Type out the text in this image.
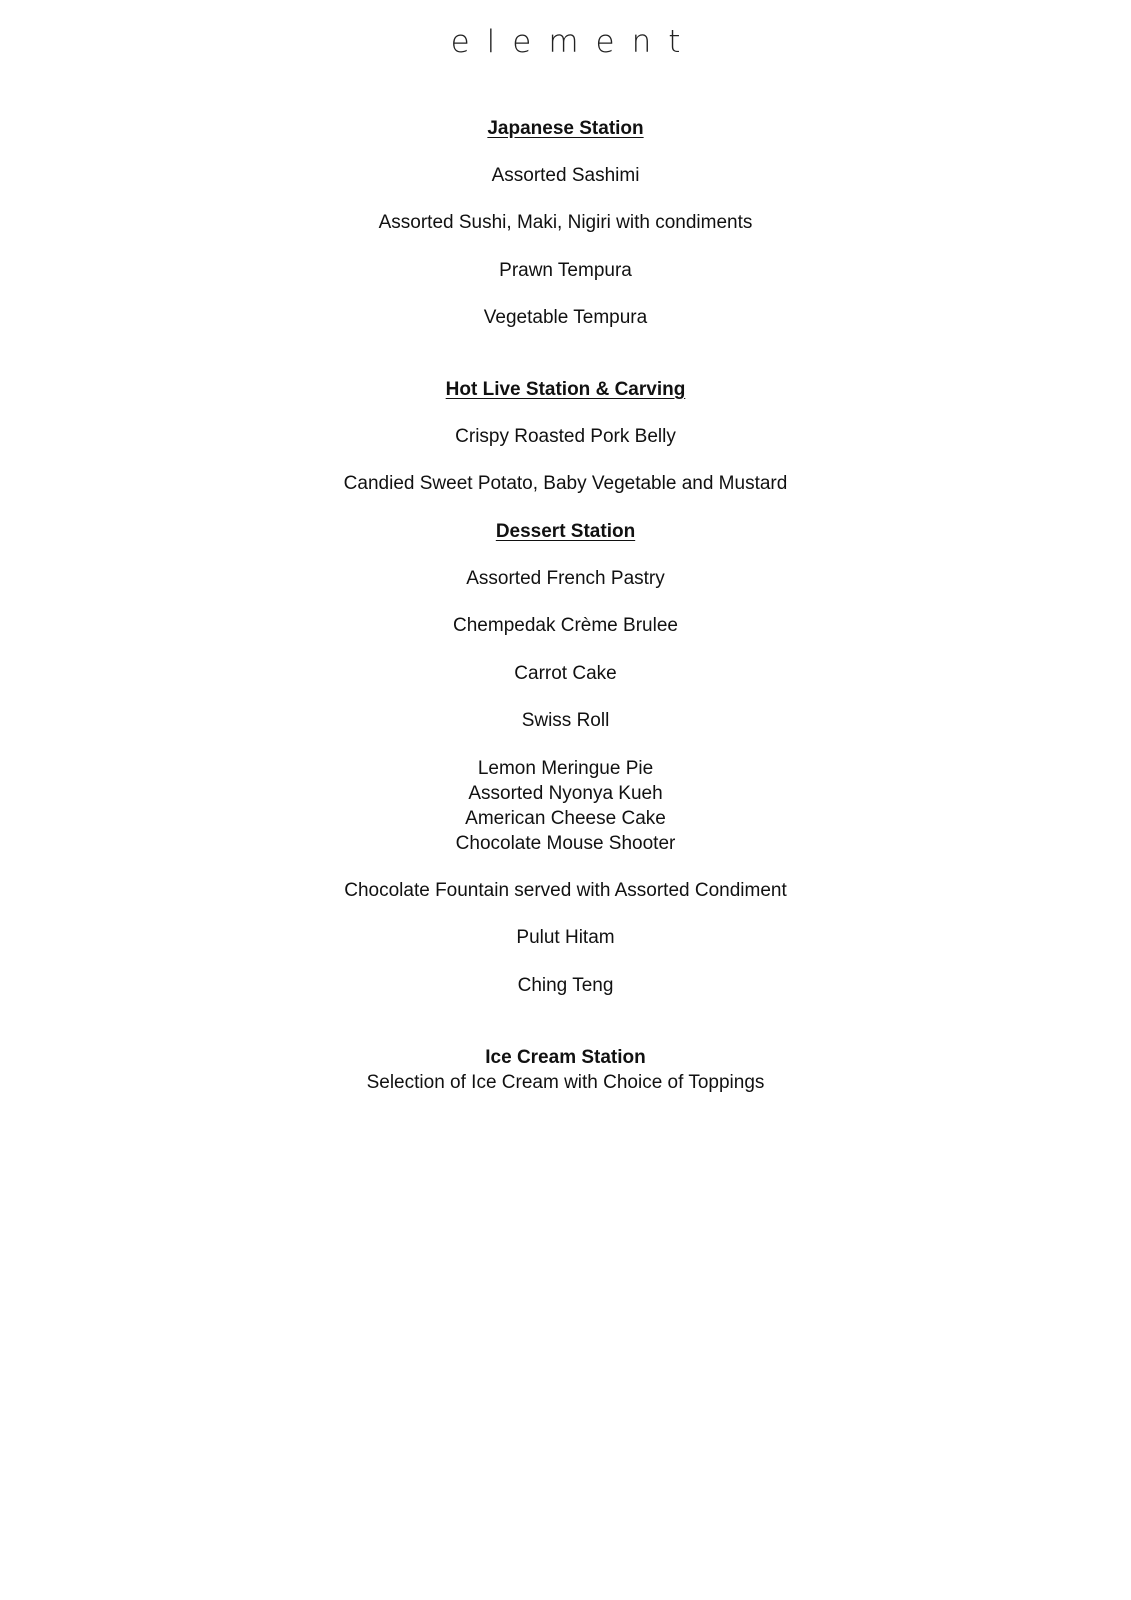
element
Japanese Station
Assorted Sashimi
Assorted Sushi, Maki, Nigiri with condiments
Prawn Tempura
Vegetable Tempura
Hot Live Station & Carving
Crispy Roasted Pork Belly
Candied Sweet Potato, Baby Vegetable and Mustard
Dessert Station
Assorted French Pastry
Chempedak Crème Brulee
Carrot Cake
Swiss Roll
Lemon Meringue Pie
Assorted Nyonya Kueh
American Cheese Cake
Chocolate Mouse Shooter
Chocolate Fountain served with Assorted Condiment
Pulut Hitam
Ching Teng
Ice Cream Station
Selection of Ice Cream with Choice of Toppings
